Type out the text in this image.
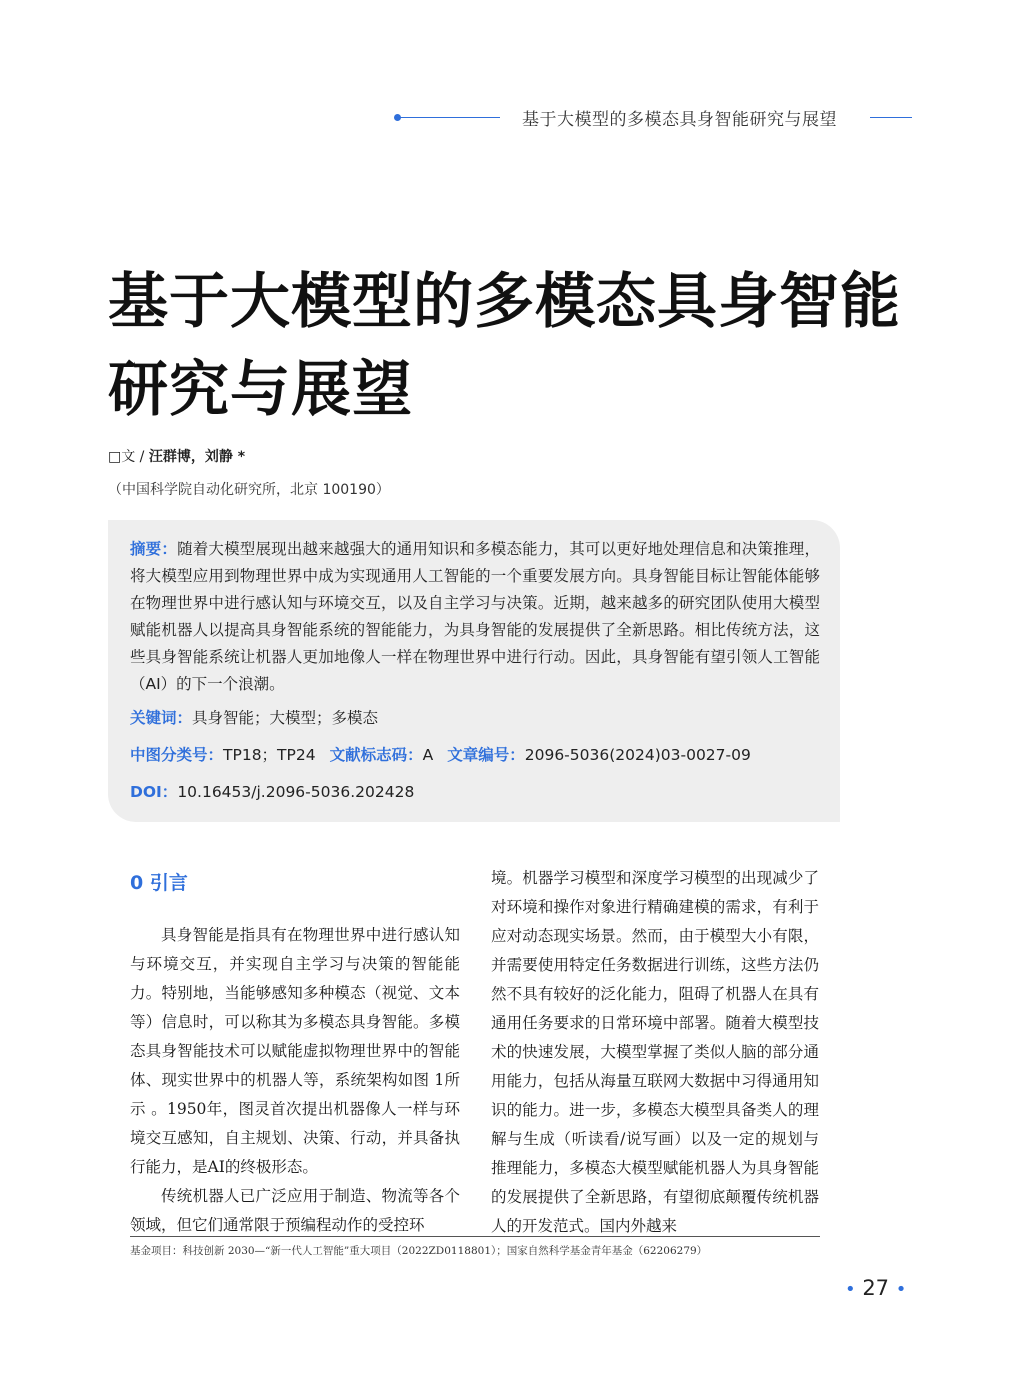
基于大模型的多模态具身智能研究与展望
基于大模型的多模态具身智能
研究与展望
□文 / 汪群博，刘静 *
（中国科学院自动化研究所，北京 100190）
摘要：随着大模型展现出越来越强大的通用知识和多模态能力，其可以更好地处理信息和决策推理，将大模型应用到物理世界中成为实现通用人工智能的一个重要发展方向。具身智能目标让智能体能够在物理世界中进行感认知与环境交互，以及自主学习与决策。近期，越来越多的研究团队使用大模型赋能机器人以提高具身智能系统的智能能力，为具身智能的发展提供了全新思路。相比传统方法，这些具身智能系统让机器人更加地像人一样在物理世界中进行行动。因此，具身智能有望引领人工智能（AI）的下一个浪潮。
关键词：具身智能；大模型；多模态
中图分类号：TP18；TP24 文献标志码：A 文章编号：2096-5036(2024)03-0027-09
DOI：10.16453/j.2096-5036.202428
0 引言

具身智能是指具有在物理世界中进行感认知与环境交互，并实现自主学习与决策的智能能力。特别地，当能够感知多种模态（视觉、文本等）信息时，可以称其为多模态具身智能。多模态具身智能技术可以赋能虚拟物理世界中的智能体、现实世界中的机器人等，系统架构如图 1所示 。1950年，图灵首次提出机器像人一样与环境交互感知，自主规划、决策、行动，并具备执行能力，是AI的终极形态。

传统机器人已广泛应用于制造、物流等各个领域，但它们通常限于预编程动作的受控环

境。机器学习模型和深度学习模型的出现减少了对环境和操作对象进行精确建模的需求，有利于应对动态现实场景。然而，由于模型大小有限，并需要使用特定任务数据进行训练，这些方法仍然不具有较好的泛化能力，阻碍了机器人在具有通用任务要求的日常环境中部署。随着大模型技术的快速发展，大模型掌握了类似人脑的部分通用能力，包括从海量互联网大数据中习得通用知识的能力。进一步，多模态大模型具备类人的理解与生成（听读看/说写画）以及一定的规划与推理能力，多模态大模型赋能机器人为具身智能的发展提供了全新思路，有望彻底颠覆传统机器人的开发范式。国内外越来

基金项目：科技创新 2030—“新一代人工智能”重大项目（2022ZD0118801）；国家自然科学基金青年基金（62206279）
• 27 •
